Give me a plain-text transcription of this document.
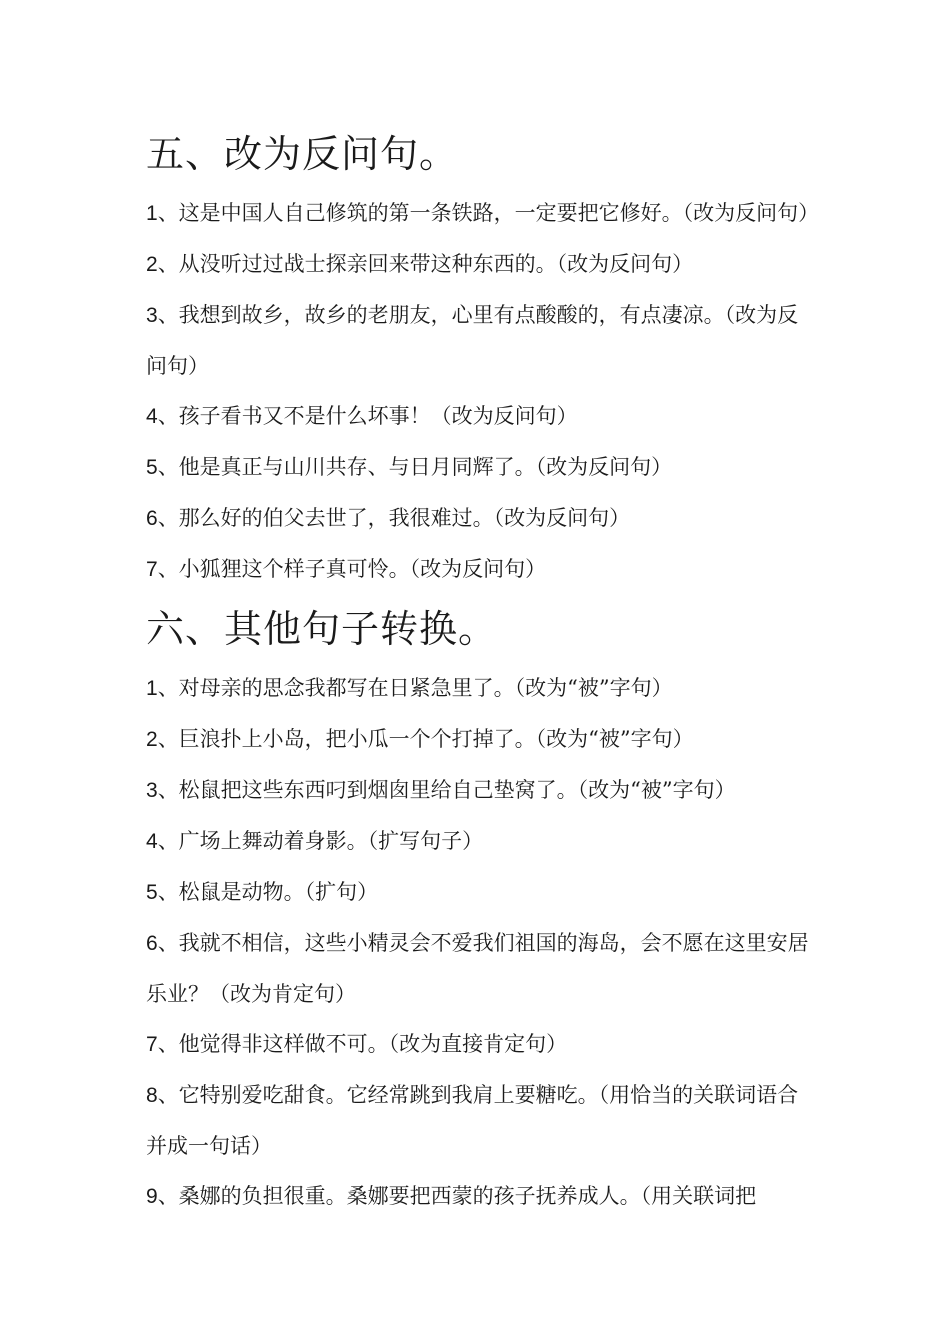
五、改为反问句。

1、这是中国人自己修筑的第一条铁路，一定要把它修好。（改为反问句）

2、从没听过过战士探亲回来带这种东西的。（改为反问句）

3、我想到故乡，故乡的老朋友，心里有点酸酸的，有点凄凉。（改为反问句）

4、孩子看书又不是什么坏事！（改为反问句）

5、他是真正与山川共存、与日月同辉了。（改为反问句）

6、那么好的伯父去世了，我很难过。（改为反问句）

7、小狐狸这个样子真可怜。（改为反问句）

六、其他句子转换。

1、对母亲的思念我都写在日紧急里了。（改为“被”字句）

2、巨浪扑上小岛，把小瓜一个个打掉了。（改为“被”字句）

3、松鼠把这些东西叼到烟囱里给自己垫窝了。（改为“被”字句）

4、广场上舞动着身影。（扩写句子）

5、松鼠是动物。（扩句）

6、我就不相信，这些小精灵会不爱我们祖国的海岛，会不愿在这里安居乐业？（改为肯定句）

7、他觉得非这样做不可。（改为直接肯定句）

8、它特别爱吃甜食。它经常跳到我肩上要糖吃。（用恰当的关联词语合并成一句话）

9、桑娜的负担很重。桑娜要把西蒙的孩子抚养成人。（用关联词把
